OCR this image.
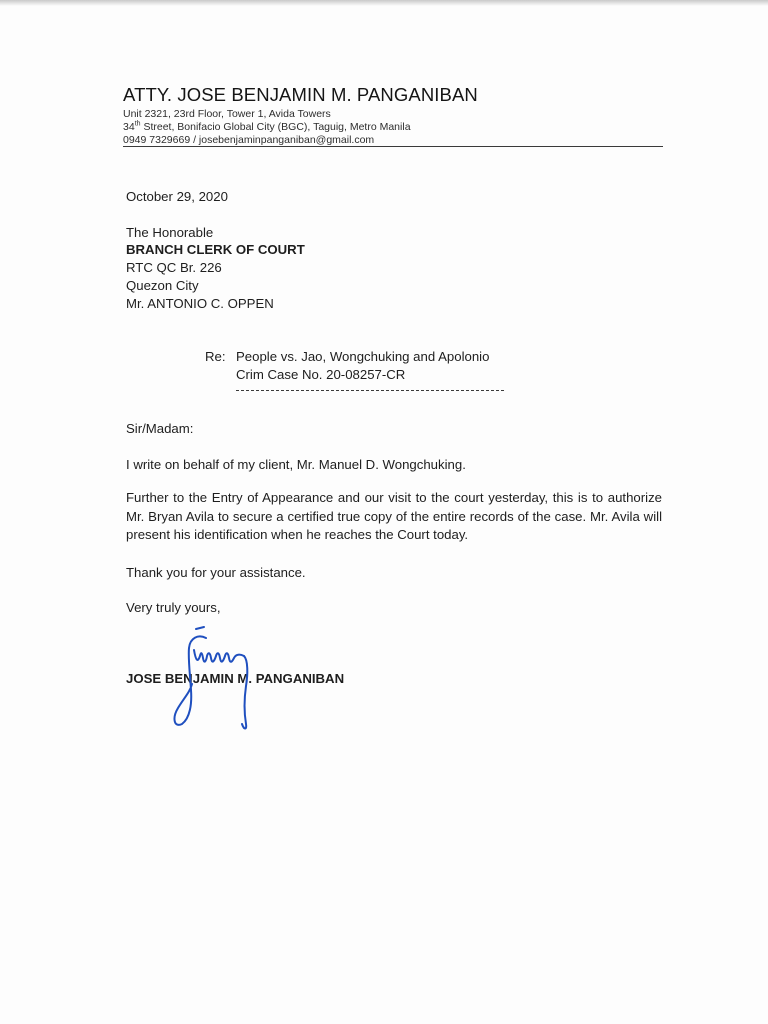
ATTY. JOSE BENJAMIN M. PANGANIBAN
Unit 2321, 23rd Floor, Tower 1, Avida Towers
34th Street, Bonifacio Global City (BGC), Taguig, Metro Manila
0949 7329669 / josebenjaminpanganiban@gmail.com
October 29, 2020
The Honorable
BRANCH CLERK OF COURT
RTC QC Br. 226
Quezon City
Mr. ANTONIO C. OPPEN
Re: People vs. Jao, Wongchuking and Apolonio
Crim Case No. 20-08257-CR
Sir/Madam:
I write on behalf of my client, Mr. Manuel D. Wongchuking.
Further to the Entry of Appearance and our visit to the court yesterday, this is to authorize Mr. Bryan Avila to secure a certified true copy of the entire records of the case. Mr. Avila will present his identification when he reaches the Court today.
Thank you for your assistance.
Very truly yours,
JOSE BENJAMIN M. PANGANIBAN
